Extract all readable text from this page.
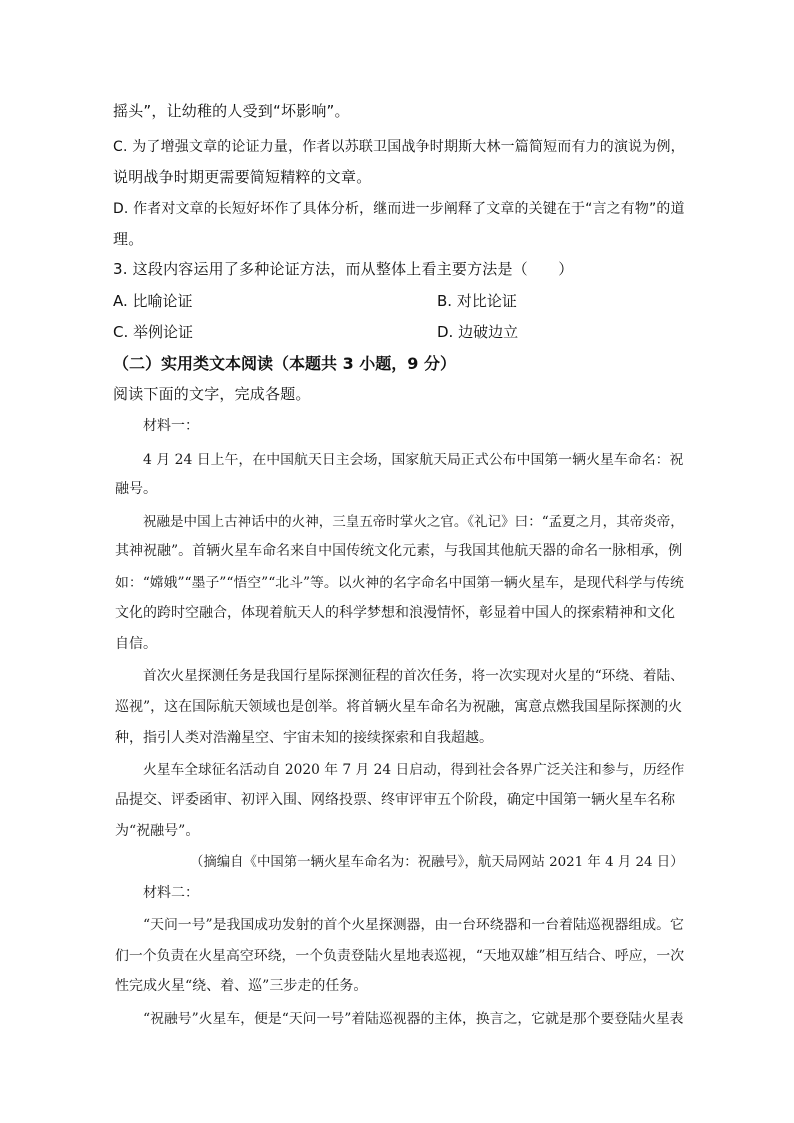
摇头”，让幼稚的人受到“坏影响”。

C. 为了增强文章的论证力量，作者以苏联卫国战争时期斯大林一篇简短而有力的演说为例，

说明战争时期更需要简短精粹的文章。

D. 作者对文章的长短好坏作了具体分析，继而进一步阐释了文章的关键在于“言之有物”的道

理。

3. 这段内容运用了多种论证方法，而从整体上看主要方法是（　　）

A. 比喻论证	B. 对比论证

C. 举例论证	D. 边破边立

（二）实用类文本阅读（本题共 3 小题，9 分）

阅读下面的文字，完成各题。

材料一：

4 月 24 日上午，在中国航天日主会场，国家航天局正式公布中国第一辆火星车命名：祝

融号。

祝融是中国上古神话中的火神，三皇五帝时掌火之官。《礼记》曰：“孟夏之月，其帝炎帝，

其神祝融”。首辆火星车命名来自中国传统文化元素，与我国其他航天器的命名一脉相承，例

如：“嫦娥”“墨子”“悟空”“北斗”等。以火神的名字命名中国第一辆火星车，是现代科学与传统

文化的跨时空融合，体现着航天人的科学梦想和浪漫情怀，彰显着中国人的探索精神和文化

自信。

首次火星探测任务是我国行星际探测征程的首次任务，将一次实现对火星的“环绕、着陆、

巡视”，这在国际航天领域也是创举。将首辆火星车命名为祝融，寓意点燃我国星际探测的火

种，指引人类对浩瀚星空、宇宙未知的接续探索和自我超越。

火星车全球征名活动自 2020 年 7 月 24 日启动，得到社会各界广泛关注和参与，历经作

品提交、评委函审、初评入围、网络投票、终审评审五个阶段，确定中国第一辆火星车名称

为“祝融号”。

（摘编自《中国第一辆火星车命名为：祝融号》，航天局网站 2021 年 4 月 24 日）

材料二：

“天问一号”是我国成功发射的首个火星探测器，由一台环绕器和一台着陆巡视器组成。它

们一个负责在火星高空环绕，一个负责登陆火星地表巡视，“天地双雄”相互结合、呼应，一次

性完成火星“绕、着、巡”三步走的任务。

“祝融号”火星车，便是“天问一号”着陆巡视器的主体，换言之，它就是那个要登陆火星表
